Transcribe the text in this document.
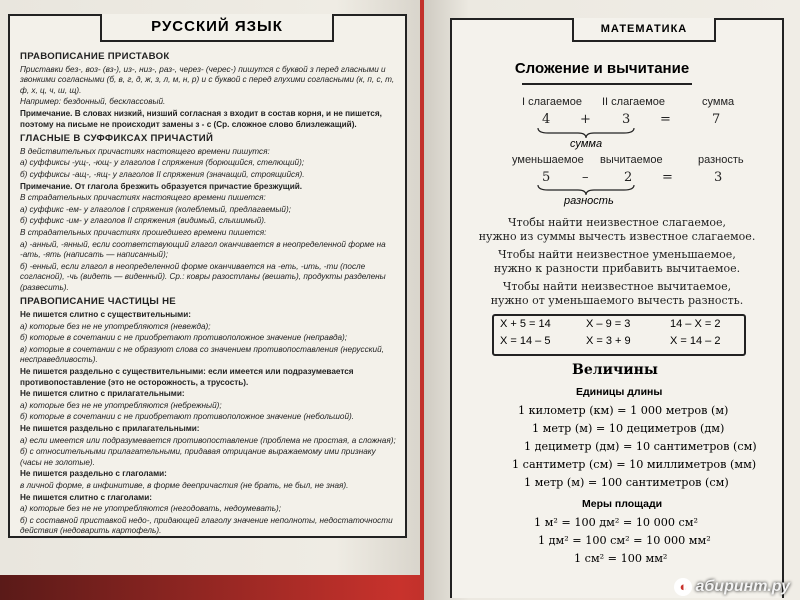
РУССКИЙ ЯЗЫК
ПРАВОПИСАНИЕ ПРИСТАВОК
Приставки без-, воз- (вз-), из-, низ-, раз-, через- (черес-) пишутся с буквой з перед гласными и звонкими согласными (б, в, г, д, ж, з, л, м, н, р) и с буквой с перед глухими согласными (к, п, с, т, ф, х, ц, ч, ш, щ).
Например: бездонный, бесклассовый.
Примечание. В словах низкий, низший согласная з входит в состав корня, и не пишется, поэтому на письме не происходит замены з - с (Ср. сложное слово близлежащий).
ГЛАСНЫЕ В СУФФИКСАХ ПРИЧАСТИЙ
В действительных причастиях настоящего времени пишутся:
а) суффиксы -ущ-, -ющ- у глаголов I спряжения (борющийся, стелющий);
б) суффиксы -ащ-, -ящ- у глаголов II спряжения (значащий, строящийся).
Примечание. От глагола брезжить образуется причастие брезжущий.
В страдательных причастиях настоящего времени пишется:
а) суффикс -ем- у глаголов I спряжения (колеблемый, предлагаемый);
б) суффикс -им- у глаголов II спряжения (видимый, слышимый).
В страдательных причастиях прошедшего времени пишется:
а) -анный, -янный, если соответствующий глагол оканчивается в неопределенной форме на -ать, -ять (написать — написанный);
б) -енный, если глагол в неопределенной форме оканчивается на -еть, -ить, -ти (после согласной), -чь (видеть — виденный). Ср.: ковры разостланы (вешать), продукты разделены (развесить).
ПРАВОПИСАНИЕ ЧАСТИЦЫ НЕ
Не пишется слитно с существительными:
а) которые без не не употребляются (невежда);
б) которые в сочетании с не приобретают противоположное значение (неправда);
в) которые в сочетании с не образуют слова со значением противопоставления (нерусский, несправедливость).
Не пишется раздельно с существительными: если имеется или подразумевается противопоставление (это не осторожность, а трусость).
Не пишется слитно с прилагательными:
а) которые без не не употребляются (небрежный);
б) которые в сочетании с не приобретают противоположное значение (небольшой).
Не пишется раздельно с прилагательными:
а) если имеется или подразумевается противопоставление (проблема не простая, а сложная);
б) с относительными прилагательными, придавая отрицание выражаемому ими признаку (часы не золотые).
Не пишется раздельно с глаголами:
в личной форме, в инфинитиве, в форме деепричастия (не брать, не был, не зная).
Не пишется слитно с глаголами:
а) которые без не не употребляются (негодовать, недоумевать);
б) с составной приставкой недо-, придающей глаголу значение неполноты, недостаточности действия (недоварить картофель).
МАТЕМАТИКА
Сложение и вычитание
I слагаемое II слагаемое	сумма
4 + 3 =	7
сумма
уменьшаемое вычитаемое	разность
5 –	2 =	3
разность
Чтобы найти неизвестное слагаемое,
нужно из суммы вычесть известное слагаемое.
Чтобы найти неизвестное уменьшаемое,
нужно к разности прибавить вычитаемое.
Чтобы найти неизвестное вычитаемое,
нужно от уменьшаемого вычесть разность.
Х + 5 = 14	Х – 9 = 3	14 – Х = 2
Х = 14 – 5	Х = 3 + 9	Х = 14 – 2
Величины
Единицы длины
1 километр (км) = 1 000 метров (м)
1 метр (м) = 10 дециметров (дм)
1 дециметр (дм) = 10 сантиметров (см)
1 сантиметр (см) = 10 миллиметров (мм)
1 метр (м) = 100 сантиметров (см)
Меры площади
1 м² = 100 дм² = 10 000 см²
1 дм² = 100 см² = 10 000 мм²
1 см² = 100 мм²
◐ абиринт.ру
